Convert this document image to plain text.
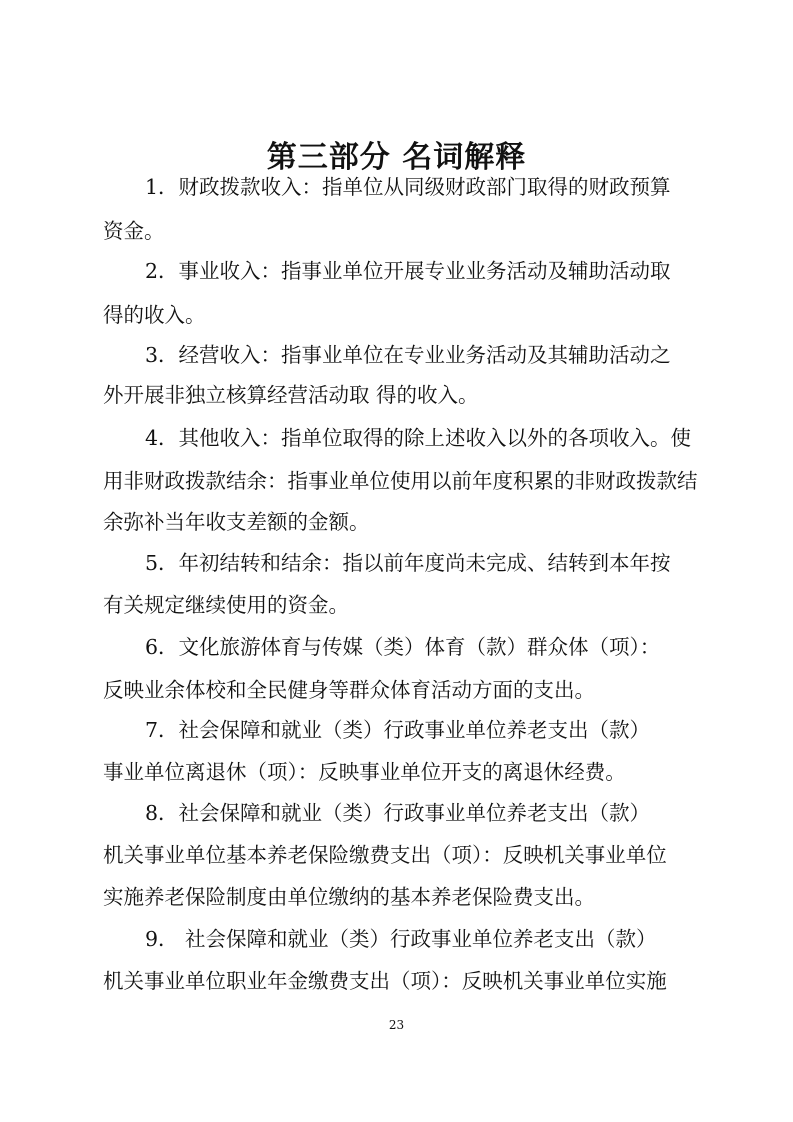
第三部分 名词解释
1．财政拨款收入：指单位从同级财政部门取得的财政预算
资金。
2．事业收入：指事业单位开展专业业务活动及辅助活动取
得的收入。
3．经营收入：指事业单位在专业业务活动及其辅助活动之
外开展非独立核算经营活动取 得的收入。
4．其他收入：指单位取得的除上述收入以外的各项收入。使
用非财政拨款结余：指事业单位使用以前年度积累的非财政拨款结
余弥补当年收支差额的金额。
5．年初结转和结余：指以前年度尚未完成、结转到本年按
有关规定继续使用的资金。
6．文化旅游体育与传媒（类）体育（款）群众体（项）：
反映业余体校和全民健身等群众体育活动方面的支出。
7．社会保障和就业（类）行政事业单位养老支出（款）
事业单位离退休（项）：反映事业单位开支的离退休经费。
8．社会保障和就业（类）行政事业单位养老支出（款）
机关事业单位基本养老保险缴费支出（项）：反映机关事业单位
实施养老保险制度由单位缴纳的基本养老保险费支出。
9． 社会保障和就业（类）行政事业单位养老支出（款）
机关事业单位职业年金缴费支出（项）：反映机关事业单位实施
23
